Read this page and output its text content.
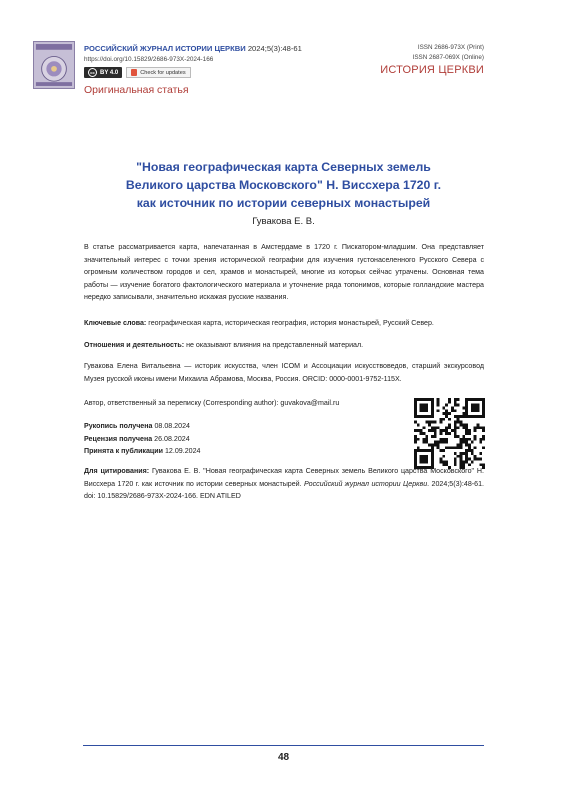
РОССИЙСКИЙ ЖУРНАЛ ИСТОРИИ ЦЕРКВИ 2024;5(3):48-61
https://doi.org/10.15829/2686-973X-2024-166
cc BY 4.0	Check for updates
Оригинальная статья
ISSN 2686-973X (Print)
ISSN 2687-069X (Online)
ИСТОРИЯ ЦЕРКВИ
"Новая географическая карта Северных земель
Великого царства Московского" Н. Виссхера 1720 г.
как источник по истории северных монастырей
Гувакова Е. В.
В статье рассматривается карта, напечатанная в Амстердаме в 1720 г. Пискатором-младшим. Она представляет значительный интерес с точки зрения исторической географии для изучения густонаселенного Русского Севера с огромным количеством городов и сел, храмов и монастырей, многие из которых сейчас утрачены. Основная тема работы — изучение богатого фактологического материала и уточнение ряда топонимов, которые голландские мастера нередко записывали, значительно искажая русские названия.
Ключевые слова: географическая карта, историческая география, история монастырей, Русский Север.
Отношения и деятельность: не оказывают влияния на представленный материал.
Гувакова Елена Витальевна — историк искусства, член ICOM и Ассоциации искусствоведов, старший экскурсовод Музея русской иконы имени Михаила Абрамова, Москва, Россия. ORCID: 0000-0001-9752-115X.
Автор, ответственный за переписку (Corresponding author): guvakova@mail.ru
Рукопись получена 08.08.2024
Рецензия получена 26.08.2024
Принята к публикации 12.09.2024
Для цитирования: Гувакова Е. В. "Новая географическая карта Северных земель Великого царства Московского" Н. Виссхера 1720 г. как источник по истории северных монастырей. Российский журнал истории Церкви. 2024;5(3):48-61. doi: 10.15829/2686-973X-2024-166. EDN ATILED
48
